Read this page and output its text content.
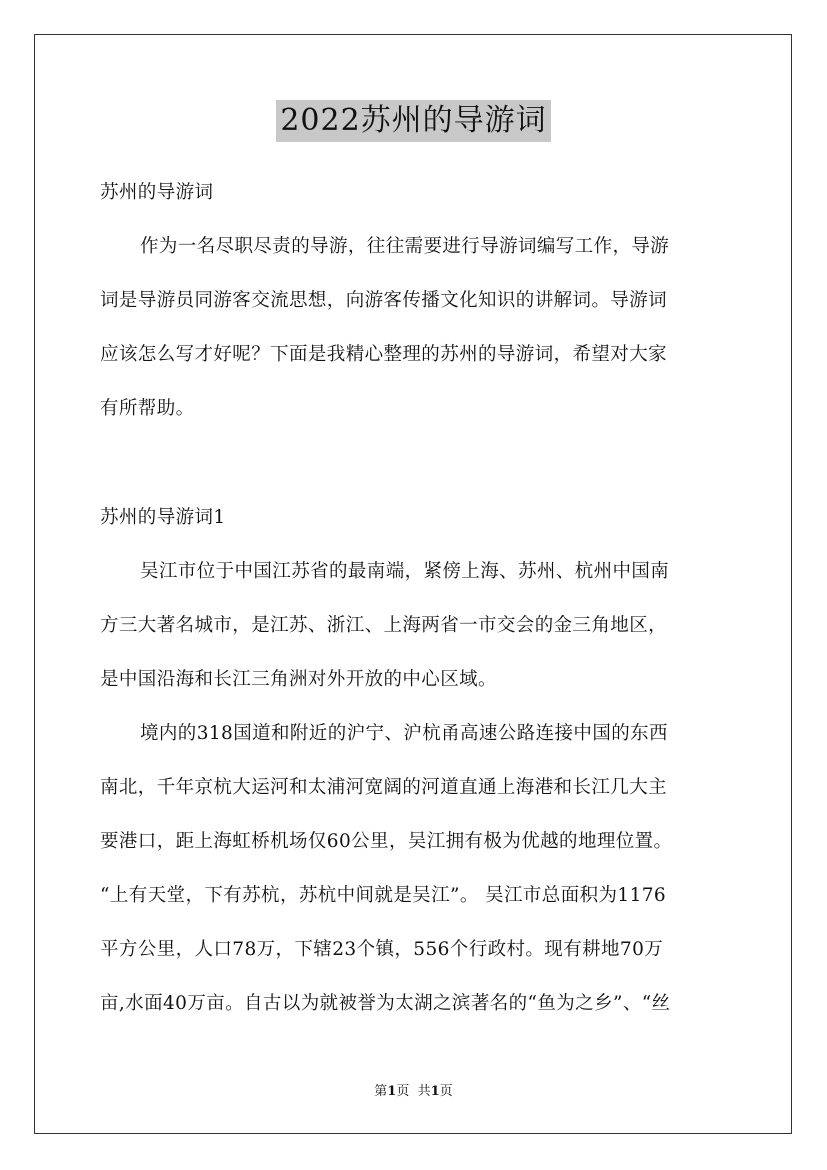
2022苏州的导游词
苏州的导游词
作为一名尽职尽责的导游，往往需要进行导游词编写工作，导游
词是导游员同游客交流思想，向游客传播文化知识的讲解词。导游词
应该怎么写才好呢？下面是我精心整理的苏州的导游词，希望对大家
有所帮助。
苏州的导游词1
吴江市位于中国江苏省的最南端，紧傍上海、苏州、杭州中国南
方三大著名城市，是江苏、浙江、上海两省一市交会的金三角地区，
是中国沿海和长江三角洲对外开放的中心区域。
境内的318国道和附近的沪宁、沪杭甬高速公路连接中国的东西
南北，千年京杭大运河和太浦河宽阔的河道直通上海港和长江几大主
要港口，距上海虹桥机场仅60公里，吴江拥有极为优越的地理位置。
“上有天堂，下有苏杭，苏杭中间就是吴江”。 吴江市总面积为1176
平方公里，人口78万，下辖23个镇，556个行政村。现有耕地70万
亩,水面40万亩。自古以为就被誉为太湖之滨著名的“鱼为之乡”、“丝
第1页 共1页
